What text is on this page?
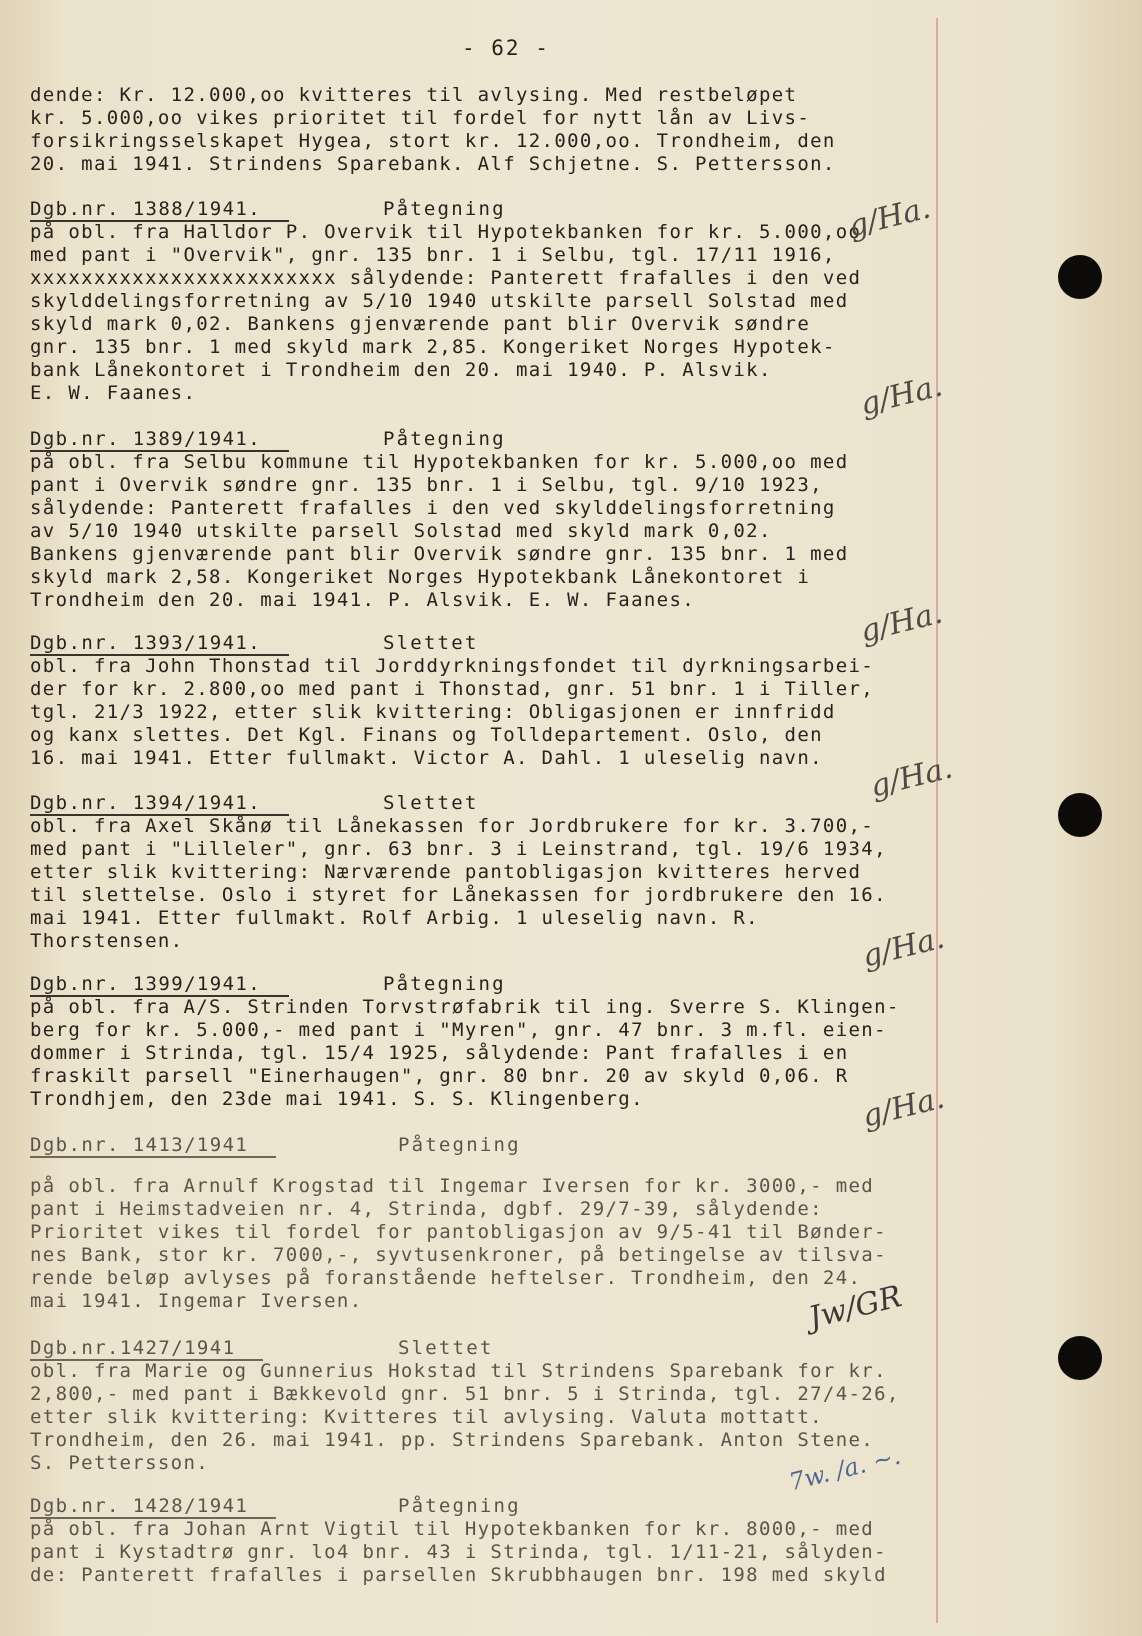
- 62 -
dende: Kr. 12.000,oo kvitteres til avlysing. Med restbeløpet
kr. 5.000,oo vikes prioritet til fordel for nytt lån av Livs-
forsikringsselskapet Hygea, stort kr. 12.000,oo. Trondheim, den
20. mai 1941. Strindens Sparebank. Alf Schjetne. S. Pettersson.
Dgb.nr. 1388/1941.	Påtegning
på obl. fra Halldor P. Overvik til Hypotekbanken for kr. 5.000,oo
med pant i "Overvik", gnr. 135 bnr. 1 i Selbu, tgl. 17/11 1916,
xxxxxxxxxxxxxxxxxxxxxxxx sålydende: Panterett frafalles i den ved
skylddelingsforretning av 5/10 1940 utskilte parsell Solstad med
skyld mark 0,02. Bankens gjenværende pant blir Overvik søndre
gnr. 135 bnr. 1 med skyld mark 2,85. Kongeriket Norges Hypotek-
bank Lånekontoret i Trondheim den 20. mai 1940. P. Alsvik.
E. W. Faanes.
g/Ha.
Dgb.nr. 1389/1941.	Påtegning
på obl. fra Selbu kommune til Hypotekbanken for kr. 5.000,oo med
pant i Overvik søndre gnr. 135 bnr. 1 i Selbu, tgl. 9/10 1923,
sålydende: Panterett frafalles i den ved skylddelingsforretning
av 5/10 1940 utskilte parsell Solstad med skyld mark 0,02.
Bankens gjenværende pant blir Overvik søndre gnr. 135 bnr. 1 med
skyld mark 2,58. Kongeriket Norges Hypotekbank Lånekontoret i
Trondheim den 20. mai 1941. P. Alsvik. E. W. Faanes.
g/Ha.
Dgb.nr. 1393/1941.	Slettet
obl. fra John Thonstad til Jorddyrkningsfondet til dyrkningsarbei-
der for kr. 2.800,oo med pant i Thonstad, gnr. 51 bnr. 1 i Tiller,
tgl. 21/3 1922, etter slik kvittering: Obligasjonen er innfridd
og kanx slettes. Det Kgl. Finans og Tolldepartement. Oslo, den
16. mai 1941. Etter fullmakt. Victor A. Dahl. 1 uleselig navn.
g/Ha.
Dgb.nr. 1394/1941.	Slettet
obl. fra Axel Skånø til Lånekassen for Jordbrukere for kr. 3.700,-
med pant i "Lilleler", gnr. 63 bnr. 3 i Leinstrand, tgl. 19/6 1934,
etter slik kvittering: Nærværende pantobligasjon kvitteres herved
til slettelse. Oslo i styret for Lånekassen for jordbrukere den 16.
mai 1941. Etter fullmakt. Rolf Arbig. 1 uleselig navn. R.
Thorstensen.
g/Ha.
Dgb.nr. 1399/1941.	Påtegning
på obl. fra A/S. Strinden Torvstrøfabrik til ing. Sverre S. Klingen-
berg for kr. 5.000,- med pant i "Myren", gnr. 47 bnr. 3 m.fl. eien-
dommer i Strinda, tgl. 15/4 1925, sålydende: Pant frafalles i en
fraskilt parsell "Einerhaugen", gnr. 80 bnr. 20 av skyld 0,06. R
Trondhjem, den 23de mai 1941. S. S. Klingenberg.
g/Ha.
g/Ha.
Dgb.nr. 1413/1941	Påtegning
på obl. fra Arnulf Krogstad til Ingemar Iversen for kr. 3000,- med
pant i Heimstadveien nr. 4, Strinda, dgbf. 29/7-39, sålydende:
Prioritet vikes til fordel for pantobligasjon av 9/5-41 til Bønder-
nes Bank, stor kr. 7000,-, syvtusenkroner, på betingelse av tilsva-
rende beløp avlyses på foranstående heftelser. Trondheim, den 24.
mai 1941. Ingemar Iversen.	Jw/GR
Dgb.nr.1427/1941	Slettet
obl. fra Marie og Gunnerius Hokstad til Strindens Sparebank for kr.
2,800,- med pant i Bækkevold gnr. 51 bnr. 5 i Strinda, tgl. 27/4-26,
etter slik kvittering: Kvitteres til avlysing. Valuta mottatt.
Trondheim, den 26. mai 1941. pp. Strindens Sparebank. Anton Stene.
S. Pettersson.	7w. /a. ~.
Dgb.nr. 1428/1941	Påtegning
på obl. fra Johan Arnt Vigtil til Hypotekbanken for kr. 8000,- med
pant i Kystadtrø gnr. lo4 bnr. 43 i Strinda, tgl. 1/11-21, sålyden-
de: Panterett frafalles i parsellen Skrubbhaugen bnr. 198 med skyld
